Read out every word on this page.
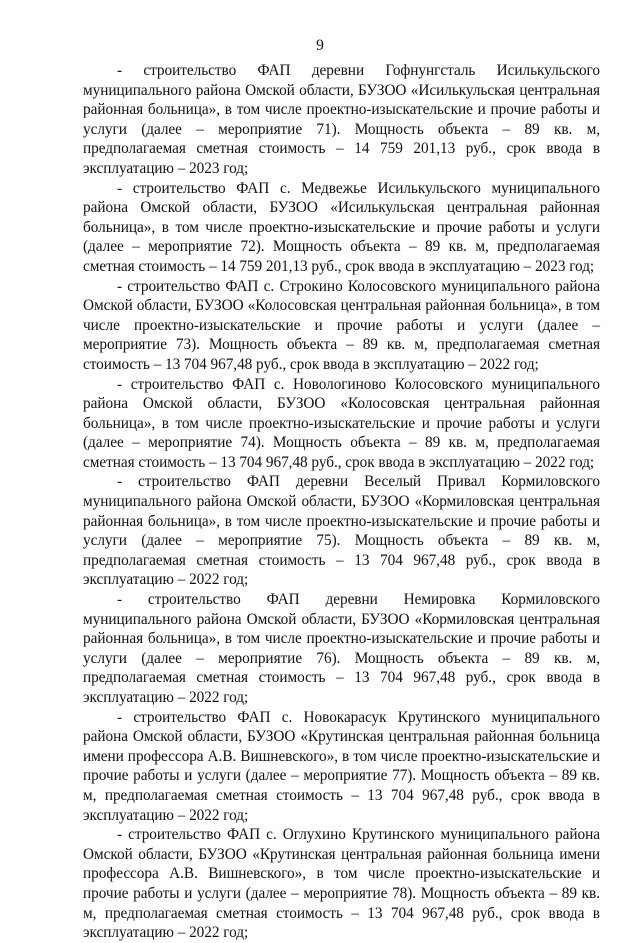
9

- строительство ФАП деревни Гофнунгсталь Исилькульского муниципального района Омской области, БУЗОО «Исилькульская центральная районная больница», в том числе проектно-изыскательские и прочие работы и услуги (далее – мероприятие 71). Мощность объекта – 89 кв. м, предполагаемая сметная стоимость – 14 759 201,13 руб., срок ввода в эксплуатацию – 2023 год;

- строительство ФАП с. Медвежье Исилькульского муниципального района Омской области, БУЗОО «Исилькульская центральная районная больница», в том числе проектно-изыскательские и прочие работы и услуги (далее – мероприятие 72). Мощность объекта – 89 кв. м, предполагаемая сметная стоимость – 14 759 201,13 руб., срок ввода в эксплуатацию – 2023 год;

- строительство ФАП с. Строкино Колосовского муниципального района Омской области, БУЗОО «Колосовская центральная районная больница», в том числе проектно-изыскательские и прочие работы и услуги (далее – мероприятие 73). Мощность объекта – 89 кв. м, предполагаемая сметная стоимость – 13 704 967,48 руб., срок ввода в эксплуатацию – 2022 год;

- строительство ФАП с. Новологиново Колосовского муниципального района Омской области, БУЗОО «Колосовская центральная районная больница», в том числе проектно-изыскательские и прочие работы и услуги (далее – мероприятие 74). Мощность объекта – 89 кв. м, предполагаемая сметная стоимость – 13 704 967,48 руб., срок ввода в эксплуатацию – 2022 год;

- строительство ФАП деревни Веселый Привал Кормиловского муниципального района Омской области, БУЗОО «Кормиловская центральная районная больница», в том числе проектно-изыскательские и прочие работы и услуги (далее – мероприятие 75). Мощность объекта – 89 кв. м, предполагаемая сметная стоимость – 13 704 967,48 руб., срок ввода в эксплуатацию – 2022 год;

- строительство ФАП деревни Немировка Кормиловского муниципального района Омской области, БУЗОО «Кормиловская центральная районная больница», в том числе проектно-изыскательские и прочие работы и услуги (далее – мероприятие 76). Мощность объекта – 89 кв. м, предполагаемая сметная стоимость – 13 704 967,48 руб., срок ввода в эксплуатацию – 2022 год;

- строительство ФАП с. Новокарасук Крутинского муниципального района Омской области, БУЗОО «Крутинская центральная районная больница имени профессора А.В. Вишневского», в том числе проектно-изыскательские и прочие работы и услуги (далее – мероприятие 77). Мощность объекта – 89 кв. м, предполагаемая сметная стоимость – 13 704 967,48 руб., срок ввода в эксплуатацию – 2022 год;

- строительство ФАП с. Оглухино Крутинского муниципального района Омской области, БУЗОО «Крутинская центральная районная больница имени профессора А.В. Вишневского», в том числе проектно-изыскательские и прочие работы и услуги (далее – мероприятие 78). Мощность объекта – 89 кв. м, предполагаемая сметная стоимость – 13 704 967,48 руб., срок ввода в эксплуатацию – 2022 год;
